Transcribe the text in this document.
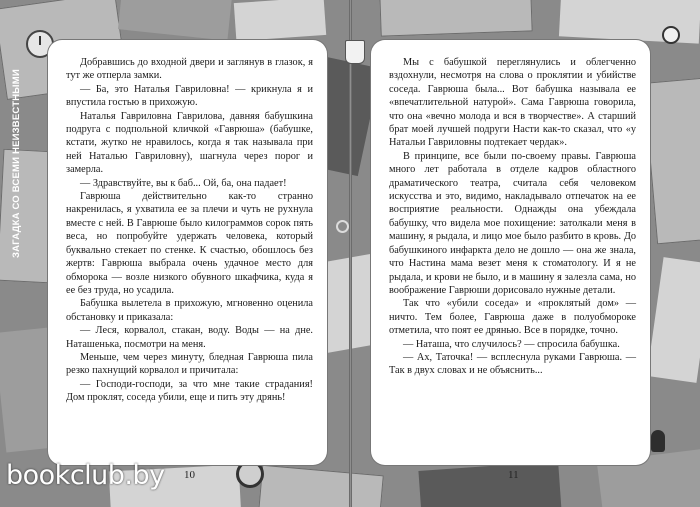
ЗАГАДКА СО ВСЕМИ НЕИЗВЕСТНЫМИ

Добравшись до входной двери и заглянув в глазок, я тут же отперла замки.

— Ба, это Наталья Гавриловна! — крикнула я и впустила гостью в прихожую.

Наталья Гавриловна Гаврилова, давняя бабушкина подруга с подпольной кличкой «Гаврюша» (бабушке, кстати, жутко не нравилось, когда я так называла при ней Наталью Гавриловну), шагнула через порог и замерла.

— Здравствуйте, вы к баб... Ой, ба, она падает!

Гаврюша действительно как-то странно накренилась, я ухватила ее за плечи и чуть не рухнула вместе с ней. В Гаврюше было килограммов сорок пять веса, но попробуйте удержать человека, который буквально стекает по стенке. К счастью, обошлось без жертв: Гаврюша выбрала очень удачное место для обморока — возле низкого обувного шкафчика, куда я ее без труда, но усадила.

Бабушка вылетела в прихожую, мгновенно оценила обстановку и приказала:

— Леся, корвалол, стакан, воду. Воды — на дне. Наташенька, посмотри на меня.

Меньше, чем через минуту, бледная Гаврюша пила резко пахнущий корвалол и причитала:

— Господи-господи, за что мне такие страдания! Дом проклят, соседа убили, еще и пить эту дрянь!

Мы с бабушкой переглянулись и облегченно вздохнули, несмотря на слова о проклятии и убийстве соседа. Гаврюша была... Вот бабушка называла ее «впечатлительной натурой». Сама Гаврюша говорила, что она «вечно молода и вся в творчестве». А старший брат моей лучшей подруги Насти как-то сказал, что «у Натальи Гавриловны подтекает чердак».

В принципе, все были по-своему правы. Гаврюша много лет работала в отделе кадров областного драматического театра, считала себя человеком искусства и это, видимо, накладывало отпечаток на ее восприятие реальности. Однажды она убеждала бабушку, что видела мое похищение: затолкали меня в машину, я рыдала, и лицо мое было разбито в кровь. До бабушкиного инфаркта дело не дошло — она же знала, что Настина мама везет меня к стоматологу. И я не рыдала, и крови не было, и в машину я залезла сама, но воображение Гаврюши дорисовало нужные детали.

Так что «убили соседа» и «проклятый дом» — ничто. Тем более, Гаврюша даже в полуобмороке отметила, что поят ее дрянью. Все в порядке, точно.

— Наташа, что случилось? — спросила бабушка.

— Ах, Таточка! — всплеснула руками Гаврюша. — Так в двух словах и не объяснить...

10	11
bookclub.by
